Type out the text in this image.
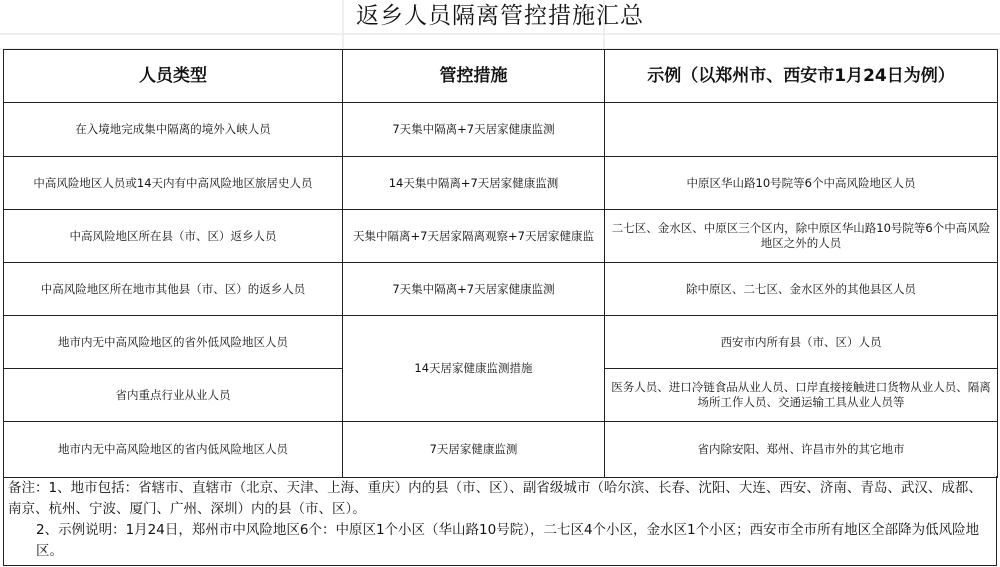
返乡人员隔离管控措施汇总
人员类型	管控措施	示例（以郑州市、西安市1月24日为例）
在入境地完成集中隔离的境外入峡人员	7天集中隔离+7天居家健康监测	
中高风险地区人员或14天内有中高风险地区旅居史人员	14天集中隔离+7天居家健康监测	中原区华山路10号院等6个中高风险地区人员
中高风险地区所在县（市、区）返乡人员	天集中隔离+7天居家隔离观察+7天居家健康监	二七区、金水区、中原区三个区内，除中原区华山路10号院等6个中高风险地区之外的人员
中高风险地区所在地市其他县（市、区）的返乡人员	7天集中隔离+7天居家健康监测	除中原区、二七区、金水区外的其他县区人员
地市内无中高风险地区的省外低风险地区人员	14天居家健康监测措施	西安市内所有县（市、区）人员
省内重点行业从业人员		医务人员、进口冷链食品从业人员、口岸直接接触进口货物从业人员、隔离场所工作人员、交通运输工具从业人员等
地市内无中高风险地区的省内低风险地区人员	7天居家健康监测	省内除安阳、郑州、许昌市外的其它地市
备注：1、地市包括：省辖市、直辖市（北京、天津、上海、重庆）内的县（市、区）、副省级城市（哈尔滨、长春、沈阳、大连、西安、济南、青岛、武汉、成都、南京、杭州、宁波、厦门、广州、深圳）内的县（市、区）。
2、示例说明：1月24日，郑州市中风险地区6个：中原区1个小区（华山路10号院），二七区4个小区，金水区1个小区；西安市全市所有地区全部降为低风险地区。
